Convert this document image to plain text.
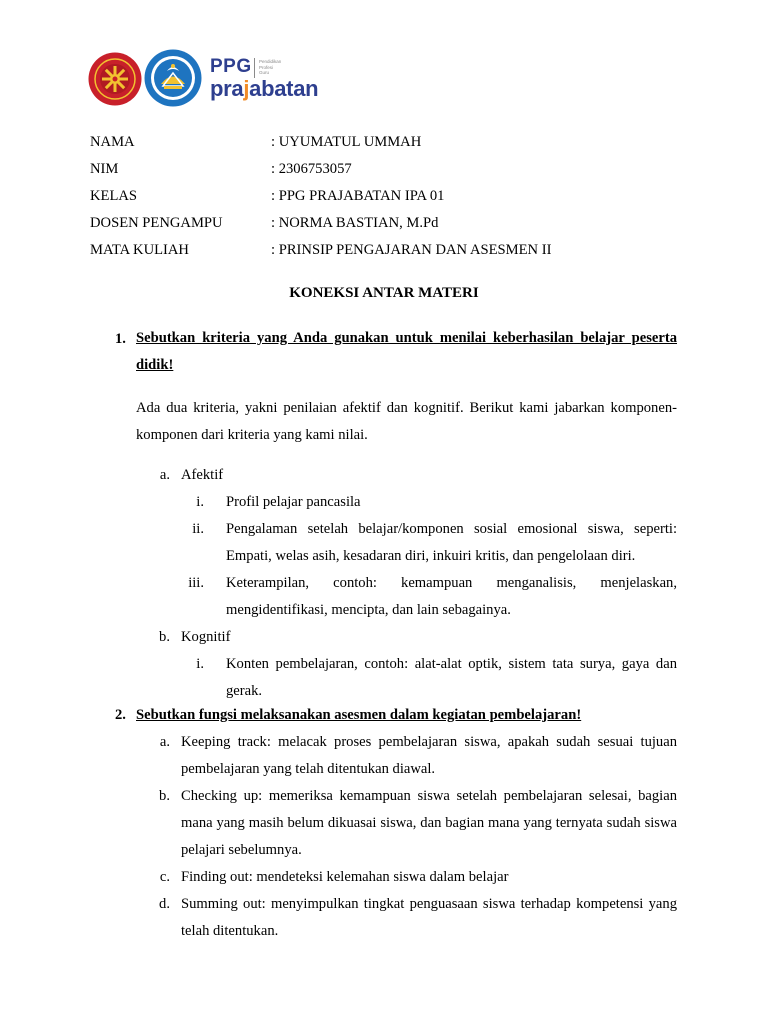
PPG Pendidikan
Profesi
Guru
prajabatan
NAMA	: UYUMATUL UMMAH
NIM	: 2306753057
KELAS	: PPG PRAJABATAN IPA 01
DOSEN PENGAMPU	: NORMA BASTIAN, M.Pd
MATA KULIAH	: PRINSIP PENGAJARAN DAN ASESMEN II
KONEKSI ANTAR MATERI
1. Sebutkan kriteria yang Anda gunakan untuk menilai keberhasilan belajar peserta didik!
Ada dua kriteria, yakni penilaian afektif dan kognitif. Berikut kami jabarkan komponen-komponen dari kriteria yang kami nilai.
a. Afektif
i. Profil pelajar pancasila
ii. Pengalaman setelah belajar/komponen sosial emosional siswa, seperti: Empati, welas asih, kesadaran diri, inkuiri kritis, dan pengelolaan diri.
iii. Keterampilan, contoh: kemampuan menganalisis, menjelaskan,
mengidentifikasi, mencipta, dan lain sebagainya.
b. Kognitif
i. Konten pembelajaran, contoh: alat-alat optik, sistem tata surya, gaya dan gerak.
2. Sebutkan fungsi melaksanakan asesmen dalam kegiatan pembelajaran!
a. Keeping track: melacak proses pembelajaran siswa, apakah sudah sesuai tujuan pembelajaran yang telah ditentukan diawal.
b. Checking up: memeriksa kemampuan siswa setelah pembelajaran selesai, bagian mana yang masih belum dikuasai siswa, dan bagian mana yang ternyata sudah siswa pelajari sebelumnya.
c. Finding out: mendeteksi kelemahan siswa dalam belajar
d. Summing out: menyimpulkan tingkat penguasaan siswa terhadap kompetensi yang telah ditentukan.
